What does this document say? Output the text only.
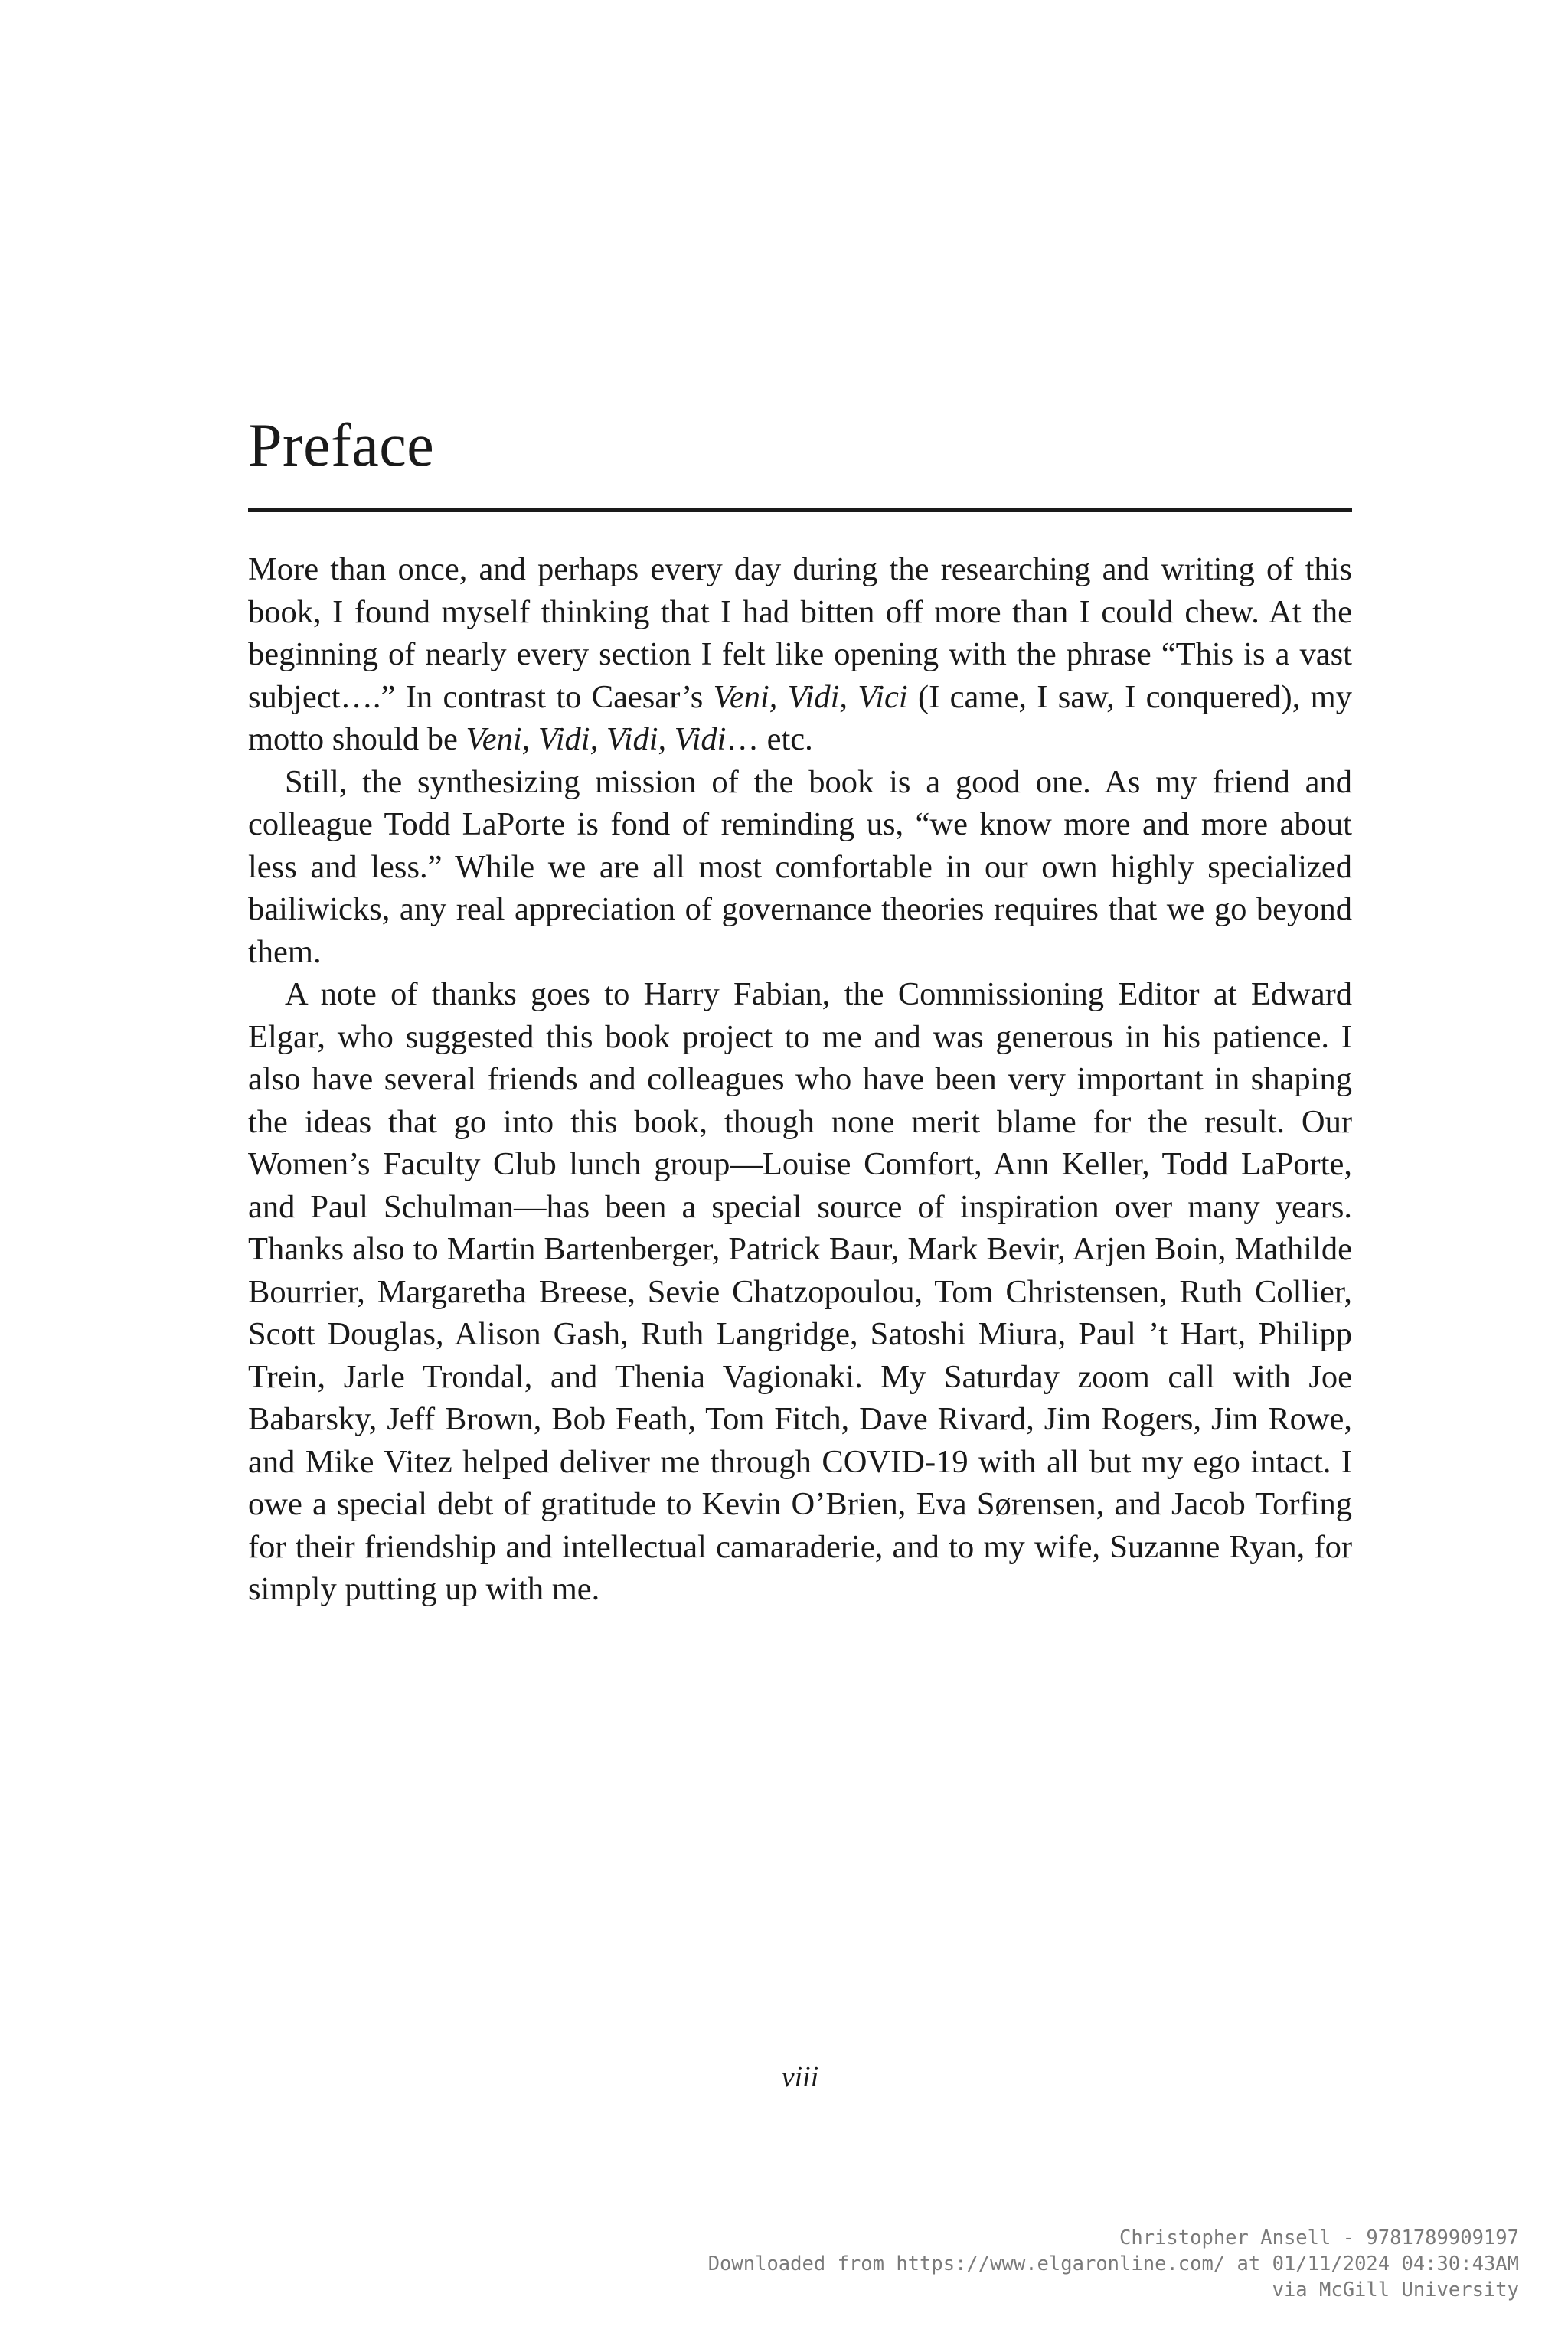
Preface

More than once, and perhaps every day during the researching and writing of this book, I found myself thinking that I had bitten off more than I could chew. At the beginning of nearly every section I felt like opening with the phrase “This is a vast subject….” In contrast to Caesar’s Veni, Vidi, Vici (I came, I saw, I conquered), my motto should be Veni, Vidi, Vidi, Vidi… etc.

Still, the synthesizing mission of the book is a good one. As my friend and colleague Todd LaPorte is fond of reminding us, “we know more and more about less and less.” While we are all most comfortable in our own highly specialized bailiwicks, any real appreciation of governance theories requires that we go beyond them.

A note of thanks goes to Harry Fabian, the Commissioning Editor at Edward Elgar, who suggested this book project to me and was generous in his patience. I also have several friends and colleagues who have been very important in shaping the ideas that go into this book, though none merit blame for the result. Our Women’s Faculty Club lunch group—Louise Comfort, Ann Keller, Todd LaPorte, and Paul Schulman—has been a special source of inspiration over many years. Thanks also to Martin Bartenberger, Patrick Baur, Mark Bevir, Arjen Boin, Mathilde Bourrier, Margaretha Breese, Sevie Chatzopoulou, Tom Christensen, Ruth Collier, Scott Douglas, Alison Gash, Ruth Langridge, Satoshi Miura, Paul ’t Hart, Philipp Trein, Jarle Trondal, and Thenia Vagionaki. My Saturday zoom call with Joe Babarsky, Jeff Brown, Bob Feath, Tom Fitch, Dave Rivard, Jim Rogers, Jim Rowe, and Mike Vitez helped deliver me through COVID-19 with all but my ego intact. I owe a special debt of gratitude to Kevin O’Brien, Eva Sørensen, and Jacob Torfing for their friendship and intellectual camaraderie, and to my wife, Suzanne Ryan, for simply putting up with me.

viii
Christopher Ansell - 9781789909197
Downloaded from https://www.elgaronline.com/ at 01/11/2024 04:30:43AM
via McGill University
